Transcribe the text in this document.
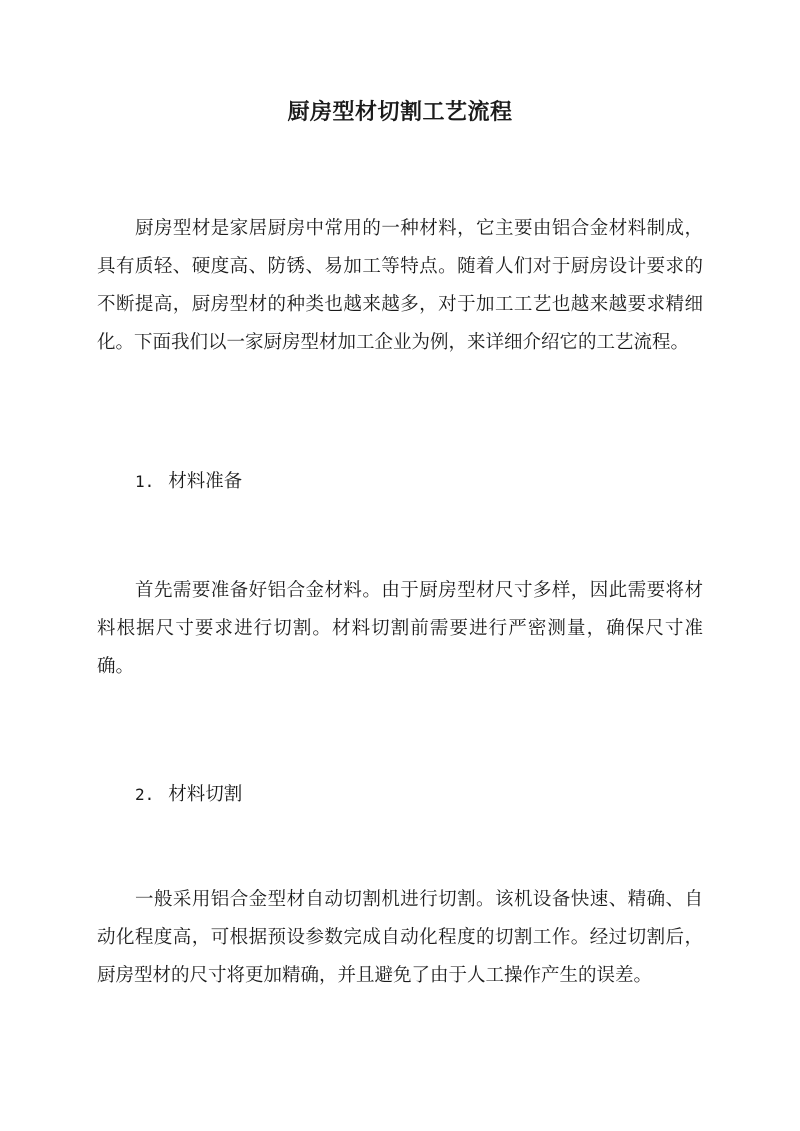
厨房型材切割工艺流程

厨房型材是家居厨房中常用的一种材料，它主要由铝合金材料制成，具有质轻、硬度高、防锈、易加工等特点。随着人们对于厨房设计要求的不断提高，厨房型材的种类也越来越多，对于加工工艺也越来越要求精细化。下面我们以一家厨房型材加工企业为例，来详细介绍它的工艺流程。

1. 材料准备

首先需要准备好铝合金材料。由于厨房型材尺寸多样，因此需要将材料根据尺寸要求进行切割。材料切割前需要进行严密测量，确保尺寸准确。

2. 材料切割

一般采用铝合金型材自动切割机进行切割。该机设备快速、精确、自动化程度高，可根据预设参数完成自动化程度的切割工作。经过切割后，厨房型材的尺寸将更加精确，并且避免了由于人工操作产生的误差。
